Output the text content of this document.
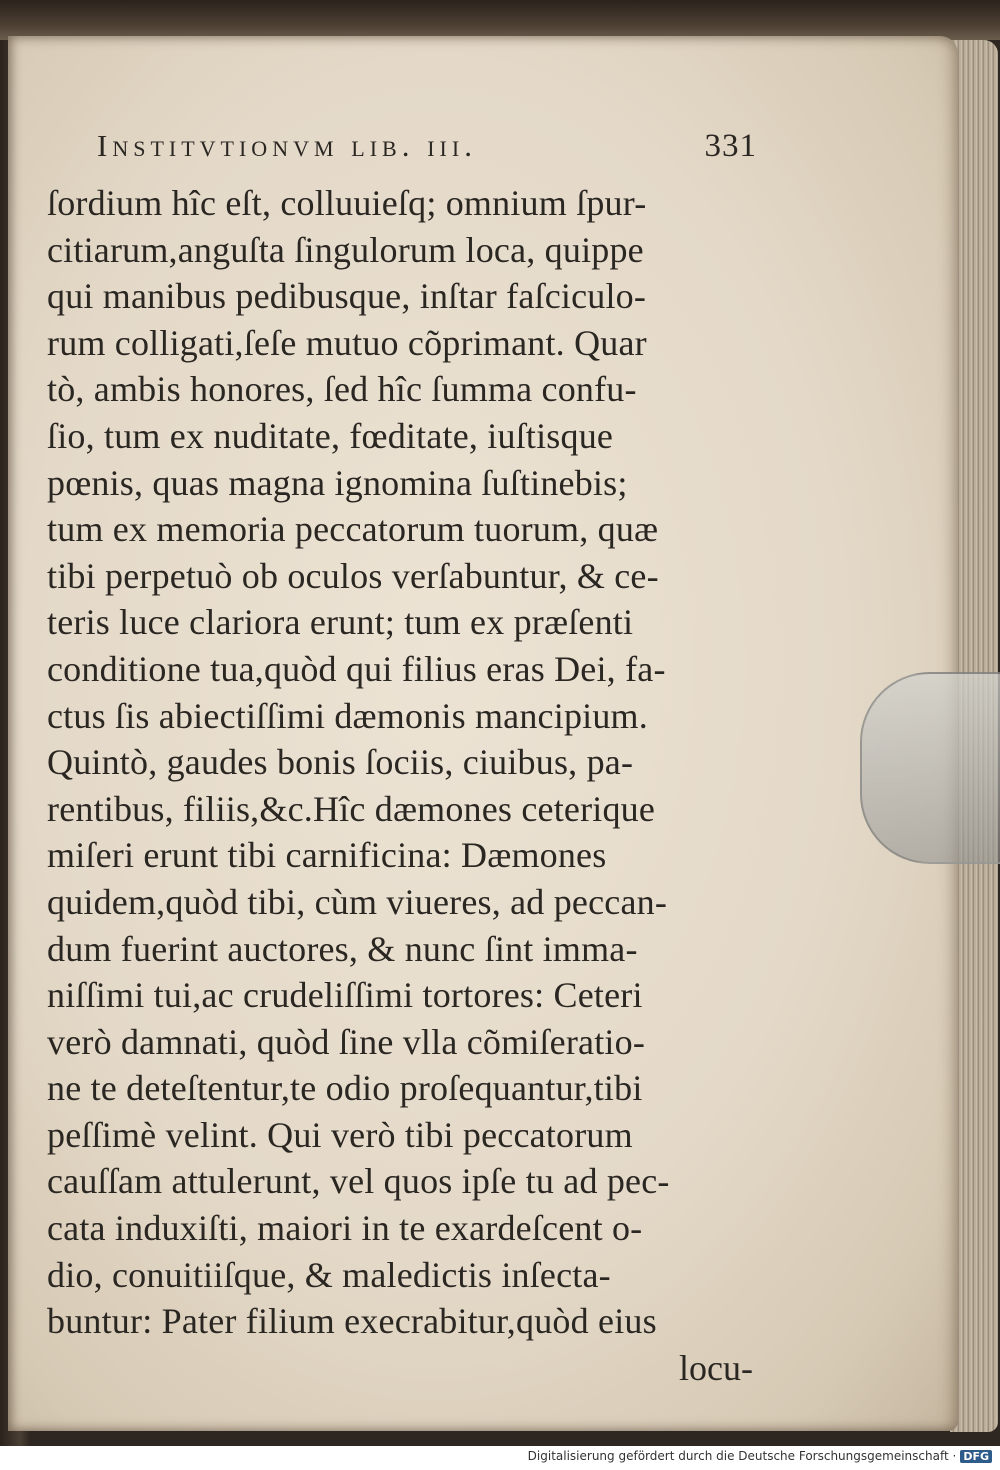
Institvtionvm lib. iii.	331
ſordium hîc eſt, colluuieſq; omnium ſpur-
citiarum,anguſta ſingulorum loca, quippe
qui manibus pedibusque, inſtar faſciculo-
rum colligati,ſeſe mutuo cõprimant. Quar
tò, ambis honores, ſed hîc ſumma confu-
ſio, tum ex nuditate, fœditate, iuſtisque
pœnis, quas magna ignomina ſuſtinebis;
tum ex memoria peccatorum tuorum, quæ
tibi perpetuò ob oculos verſabuntur, & ce-
teris luce clariora erunt; tum ex præſenti
conditione tua,quòd qui filius eras Dei, fa-
ctus ſis abiectiſſimi dæmonis mancipium.
Quintò, gaudes bonis ſociis, ciuibus, pa-
rentibus, filiis,&c.Hîc dæmones ceterique
miſeri erunt tibi carnificina: Dæmones
quidem,quòd tibi, cùm viueres, ad peccan-
dum fuerint auctores, & nunc ſint imma-
niſſimi tui,ac crudeliſſimi tortores: Ceteri
verò damnati, quòd ſine vlla cõmiſeratio-
ne te deteſtentur,te odio proſequantur,tibi
peſſimè velint. Qui verò tibi peccatorum
cauſſam attulerunt, vel quos ipſe tu ad pec-
cata induxiſti, maiori in te exardeſcent o-
dio, conuitiiſque, & maledictis inſecta-
buntur: Pater filium execrabitur,quòd eius
locu-
Digitalisierung gefördert durch die Deutsche Forschungsgemeinschaft · DFG
